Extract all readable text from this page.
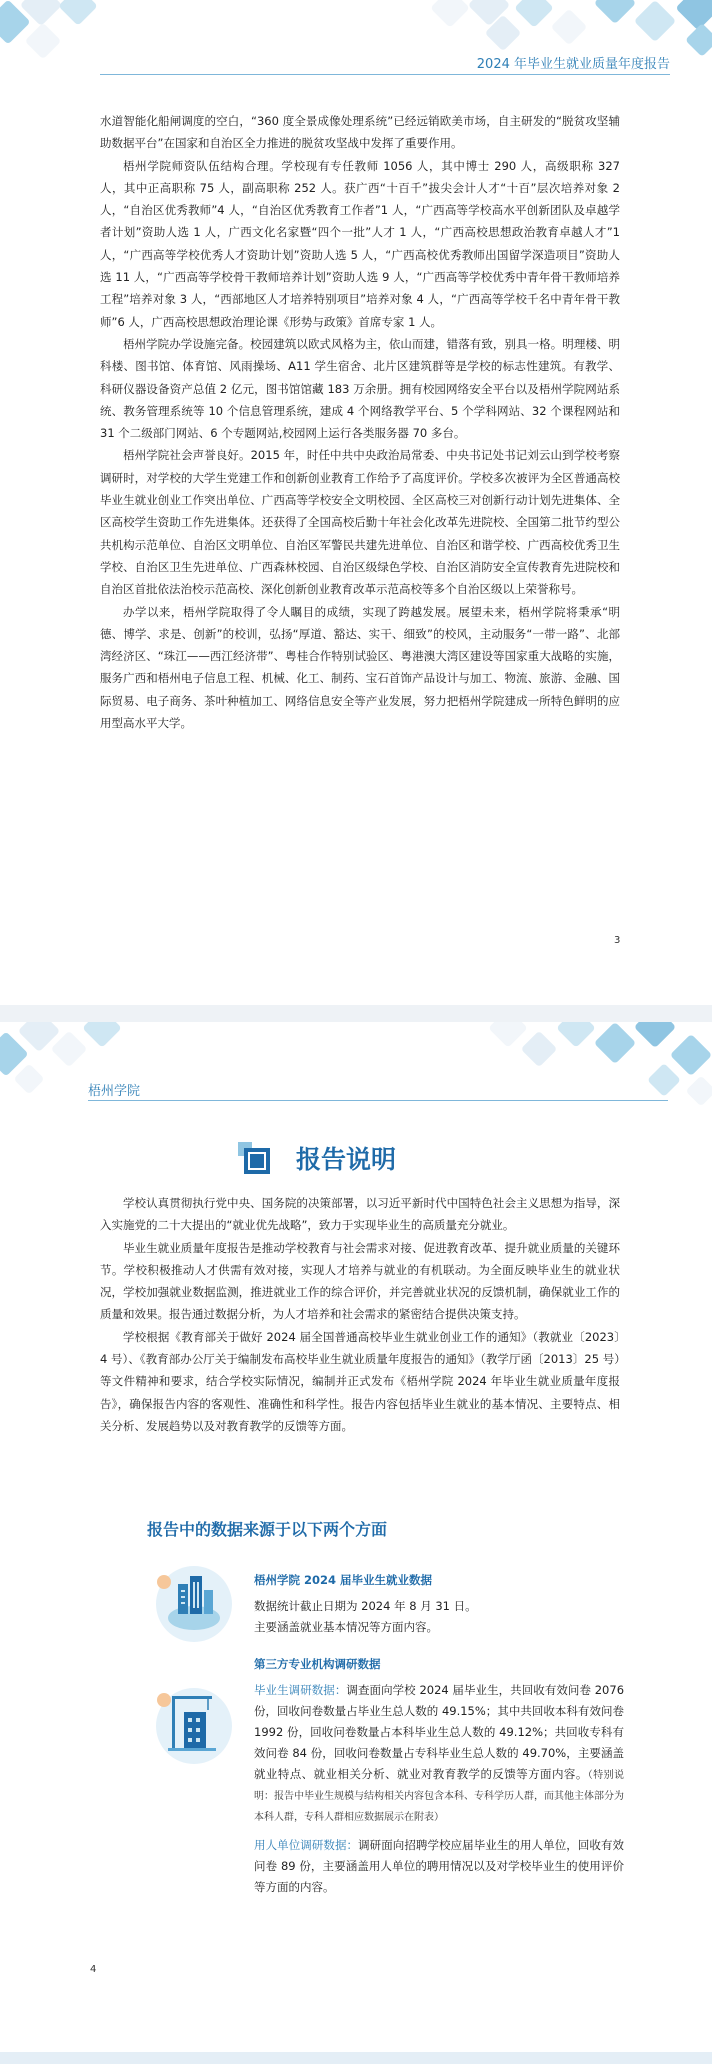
2024 年毕业生就业质量年度报告

水道智能化船闸调度的空白，“360 度全景成像处理系统”已经远销欧美市场，自主研发的“脱贫攻坚辅助数据平台”在国家和自治区全力推进的脱贫攻坚战中发挥了重要作用。

梧州学院师资队伍结构合理。学校现有专任教师 1056 人，其中博士 290 人，高级职称 327 人，其中正高职称 75 人，副高职称 252 人。获广西“十百千”拔尖会计人才“十百”层次培养对象 2 人，“自治区优秀教师”4 人，“自治区优秀教育工作者”1 人，“广西高等学校高水平创新团队及卓越学者计划”资助人选 1 人，广西文化名家暨“四个一批”人才 1 人，“广西高校思想政治教育卓越人才”1 人，“广西高等学校优秀人才资助计划”资助人选 5 人，“广西高校优秀教师出国留学深造项目”资助人选 11 人，“广西高等学校骨干教师培养计划”资助人选 9 人，“广西高等学校优秀中青年骨干教师培养工程”培养对象 3 人，“西部地区人才培养特别项目”培养对象 4 人，“广西高等学校千名中青年骨干教师”6 人，广西高校思想政治理论课《形势与政策》首席专家 1 人。

梧州学院办学设施完备。校园建筑以欧式风格为主，依山而建，错落有致，别具一格。明理楼、明科楼、图书馆、体育馆、风雨操场、A11 学生宿舍、北片区建筑群等是学校的标志性建筑。有教学、科研仪器设备资产总值 2 亿元，图书馆馆藏 183 万余册。拥有校园网络安全平台以及梧州学院网站系统、教务管理系统等 10 个信息管理系统，建成 4 个网络教学平台、5 个学科网站、32 个课程网站和 31 个二级部门网站、6 个专题网站,校园网上运行各类服务器 70 多台。

梧州学院社会声誉良好。2015 年，时任中共中央政治局常委、中央书记处书记刘云山到学校考察调研时，对学校的大学生党建工作和创新创业教育工作给予了高度评价。学校多次被评为全区普通高校毕业生就业创业工作突出单位、广西高等学校安全文明校园、全区高校三对创新行动计划先进集体、全区高校学生资助工作先进集体。还获得了全国高校后勤十年社会化改革先进院校、全国第二批节约型公共机构示范单位、自治区文明单位、自治区军警民共建先进单位、自治区和谐学校、广西高校优秀卫生学校、自治区卫生先进单位、广西森林校园、自治区级绿色学校、自治区消防安全宣传教育先进院校和自治区首批依法治校示范高校、深化创新创业教育改革示范高校等多个自治区级以上荣誉称号。

办学以来，梧州学院取得了令人瞩目的成绩，实现了跨越发展。展望未来，梧州学院将秉承“明德、博学、求是、创新”的校训，弘扬“厚道、豁达、实干、细致”的校风，主动服务“一带一路”、北部湾经济区、“珠江——西江经济带”、粤桂合作特别试验区、粤港澳大湾区建设等国家重大战略的实施，服务广西和梧州电子信息工程、机械、化工、制药、宝石首饰产品设计与加工、物流、旅游、金融、国际贸易、电子商务、茶叶种植加工、网络信息安全等产业发展，努力把梧州学院建成一所特色鲜明的应用型高水平大学。

3
梧州学院
报告说明

学校认真贯彻执行党中央、国务院的决策部署，以习近平新时代中国特色社会主义思想为指导，深入实施党的二十大提出的“就业优先战略”，致力于实现毕业生的高质量充分就业。

毕业生就业质量年度报告是推动学校教育与社会需求对接、促进教育改革、提升就业质量的关键环节。学校积极推动人才供需有效对接，实现人才培养与就业的有机联动。为全面反映毕业生的就业状况，学校加强就业数据监测，推进就业工作的综合评价，并完善就业状况的反馈机制，确保就业工作的质量和效果。报告通过数据分析，为人才培养和社会需求的紧密结合提供决策支持。

学校根据《教育部关于做好 2024 届全国普通高校毕业生就业创业工作的通知》（教就业〔2023〕4 号）、《教育部办公厅关于编制发布高校毕业生就业质量年度报告的通知》（教学厅函〔2013〕25 号）等文件精神和要求，结合学校实际情况，编制并正式发布《梧州学院 2024 年毕业生就业质量年度报告》，确保报告内容的客观性、准确性和科学性。报告内容包括毕业生就业的基本情况、主要特点、相关分析、发展趋势以及对教育教学的反馈等方面。

报告中的数据来源于以下两个方面
梧州学院 2024 届毕业生就业数据
数据统计截止日期为 2024 年 8 月 31 日。
主要涵盖就业基本情况等方面内容。
第三方专业机构调研数据
毕业生调研数据：调查面向学校 2024 届毕业生，共回收有效问卷 2076 份，回收问卷数量占毕业生总人数的 49.15%；其中共回收本科有效问卷 1992 份，回收问卷数量占本科毕业生总人数的 49.12%；共回收专科有效问卷 84 份，回收问卷数量占专科毕业生总人数的 49.70%，主要涵盖就业特点、就业相关分析、就业对教育教学的反馈等方面内容。（特别说明：报告中毕业生规模与结构相关内容包含本科、专科学历人群，而其他主体部分为本科人群，专科人群相应数据展示在附表）
用人单位调研数据：调研面向招聘学校应届毕业生的用人单位，回收有效问卷 89 份，主要涵盖用人单位的聘用情况以及对学校毕业生的使用评价等方面的内容。
4
